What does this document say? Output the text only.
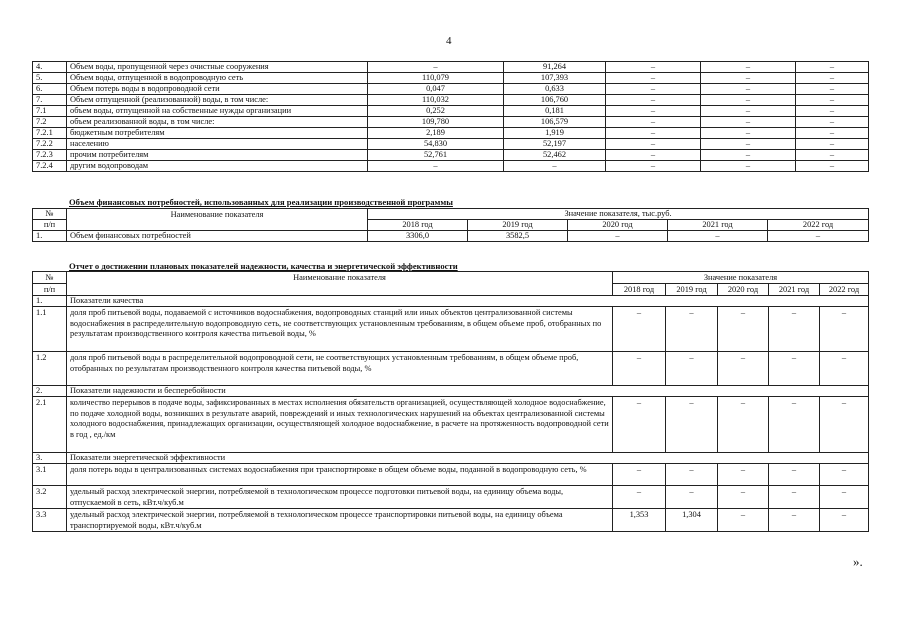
4
4.	Объем воды, пропущенной через очистные сооружения	–	91,264	–	–	–
5.	Объем воды, отпущенной в водопроводную сеть	110,079	107,393	–	–	–
6.	Объем потерь воды в водопроводной сети	0,047	0,633	–	–	–
7.	Объем отпущенной (реализованной) воды, в том числе:	110,032	106,760	–	–	–
7.1	объем воды, отпущенной на собственные нужды организации	0,252	0,181	–	–	–
7.2	объем реализованной воды, в том числе:	109,780	106,579	–	–	–
7.2.1	бюджетным потребителям	2,189	1,919	–	–	–
7.2.2	населению	54,830	52,197	–	–	–
7.2.3	прочим потребителям	52,761	52,462	–	–	–
7.2.4	другим водопроводам	–	–	–	–	–
Объем финансовых потребностей, использованных для реализации производственной программы
№	Наименование показателя	Значение показателя, тыс.руб.				
п/п		2018 год	2019 год	2020 год	2021 год	2022 год
1.	Объем финансовых потребностей	3306,0	3582,5	–	–	–
Отчет о достижении плановых показателей надежности, качества и энергетической эффективности
№	Наименование показателя	Значение показателя				
п/п		2018 год	2019 год	2020 год	2021 год	2022 год
1.	Показатели качества					
1.1	доля проб питьевой воды, подаваемой с источников водоснабжения, водопроводных станций или иных объектов централизованной системы водоснабжения в распределительную водопроводную сеть, не соответствующих установленным требованиям, в общем объеме проб, отобранных по результатам производственного контроля качества питьевой воды, %	–	–	–	–	–
1.2	доля проб питьевой воды в распределительной водопроводной сети, не соответствующих установленным требованиям, в общем объеме проб, отобранных по результатам производственного контроля качества питьевой воды, %	–	–	–	–	–
2.	Показатели надежности и бесперебойности					
2.1	количество перерывов в подаче воды, зафиксированных в местах исполнения обязательств организацией, осуществляющей холодное водоснабжение, по подаче холодной воды, возникших в результате аварий, повреждений и иных технологических нарушений на объектах централизованной системы холодного водоснабжения, принадлежащих организации, осуществляющей холодное водоснабжение, в расчете на протяженность водопроводной сети в год , ед./км	–	–	–	–	–
3.	Показатели энергетической эффективности					
3.1	доля потерь воды в централизованных системах водоснабжения при транспортировке в общем объеме воды, поданной в водопроводную сеть, %	–	–	–	–	–
3.2	удельный расход электрической энергии, потребляемой в технологическом процессе подготовки питьевой воды, на единицу объема воды, отпускаемой в сеть, кВт.ч/куб.м	–	–	–	–	–
3.3	удельный расход электрической энергии, потребляемой в технологическом процессе транспортировки питьевой воды, на единицу объема транспортируемой воды, кВт.ч/куб.м	1,353	1,304	–	–	–
».
